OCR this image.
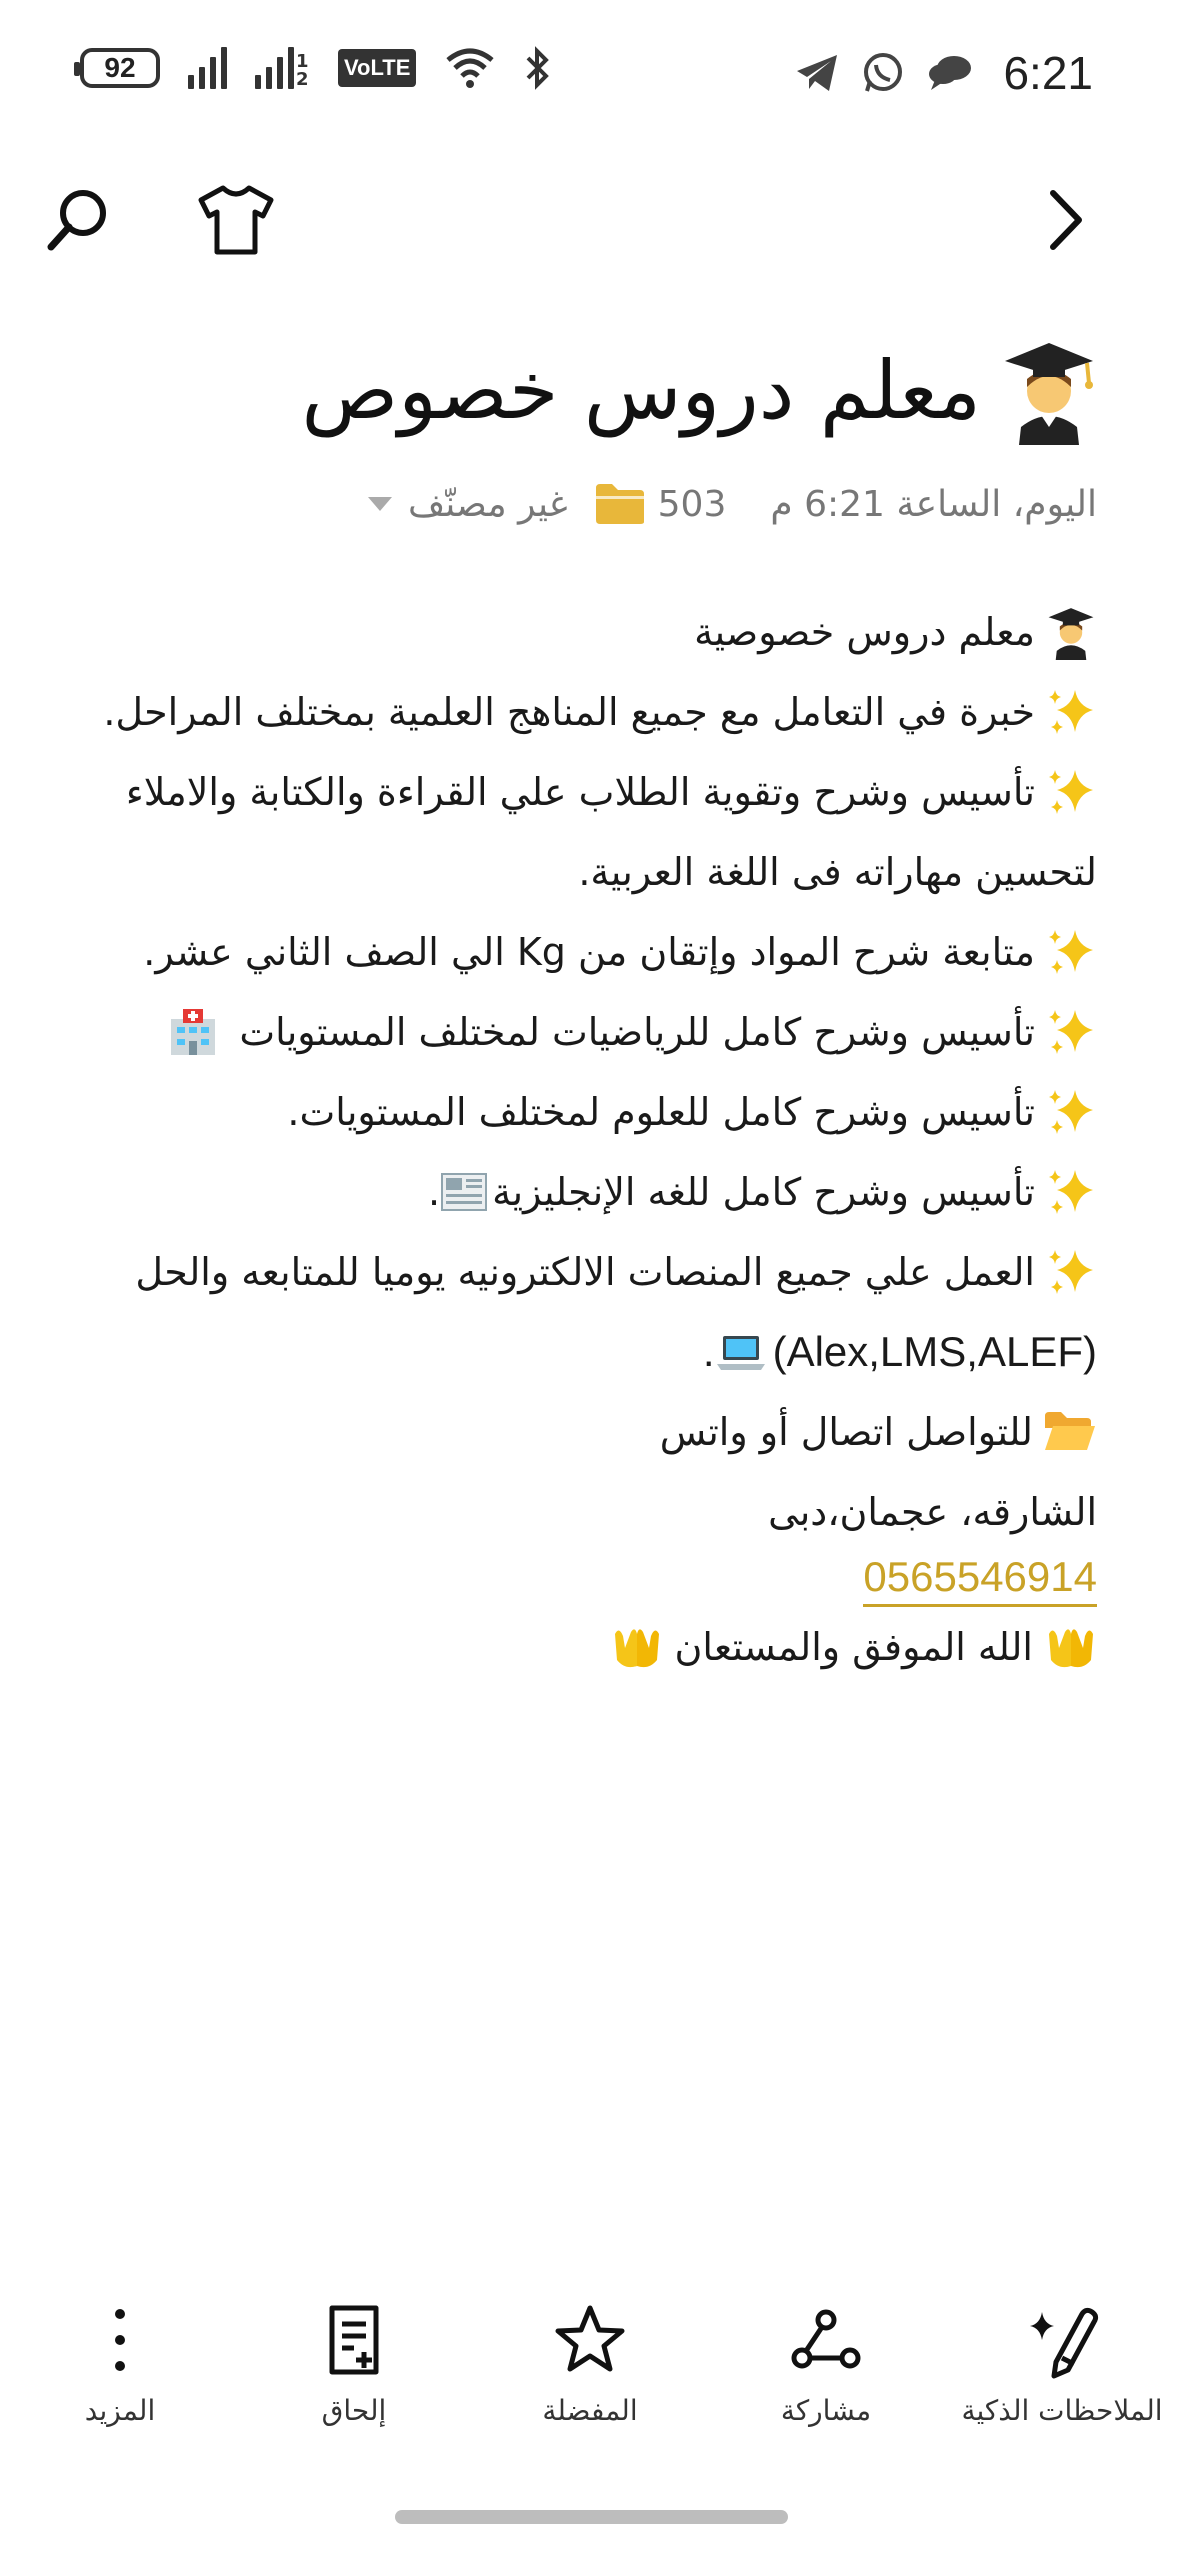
92	1 2 VoLTE	6:21
معلم دروس خصوص
اليوم، الساعة 6:21 م
503
غير مصنّف
معلم دروس خصوصية
خبرة في التعامل مع جميع المناهج العلمية بمختلف المراحل.
تأسيس وشرح وتقوية الطلاب علي القراءة والكتابة والاملاء
لتحسين مهاراته فى اللغة العربية.
متابعة شرح المواد وإتقان من Kg الي الصف الثاني عشر.
تأسيس وشرح كامل للرياضيات لمختلف المستويات
تأسيس وشرح كامل للعلوم لمختلف المستويات.
تأسيس وشرح كامل للغه الإنجليزية
.
العمل علي جميع المنصات الالكترونيه يوميا للمتابعه والحل
(Alex,LMS,ALEF)
.
للتواصل اتصال أو واتس
الشارقه، عجمان،دبى
0565546914
الله الموفق والمستعان
الملاحظات الذكية
مشاركة
المفضلة
إلحاق
المزيد
